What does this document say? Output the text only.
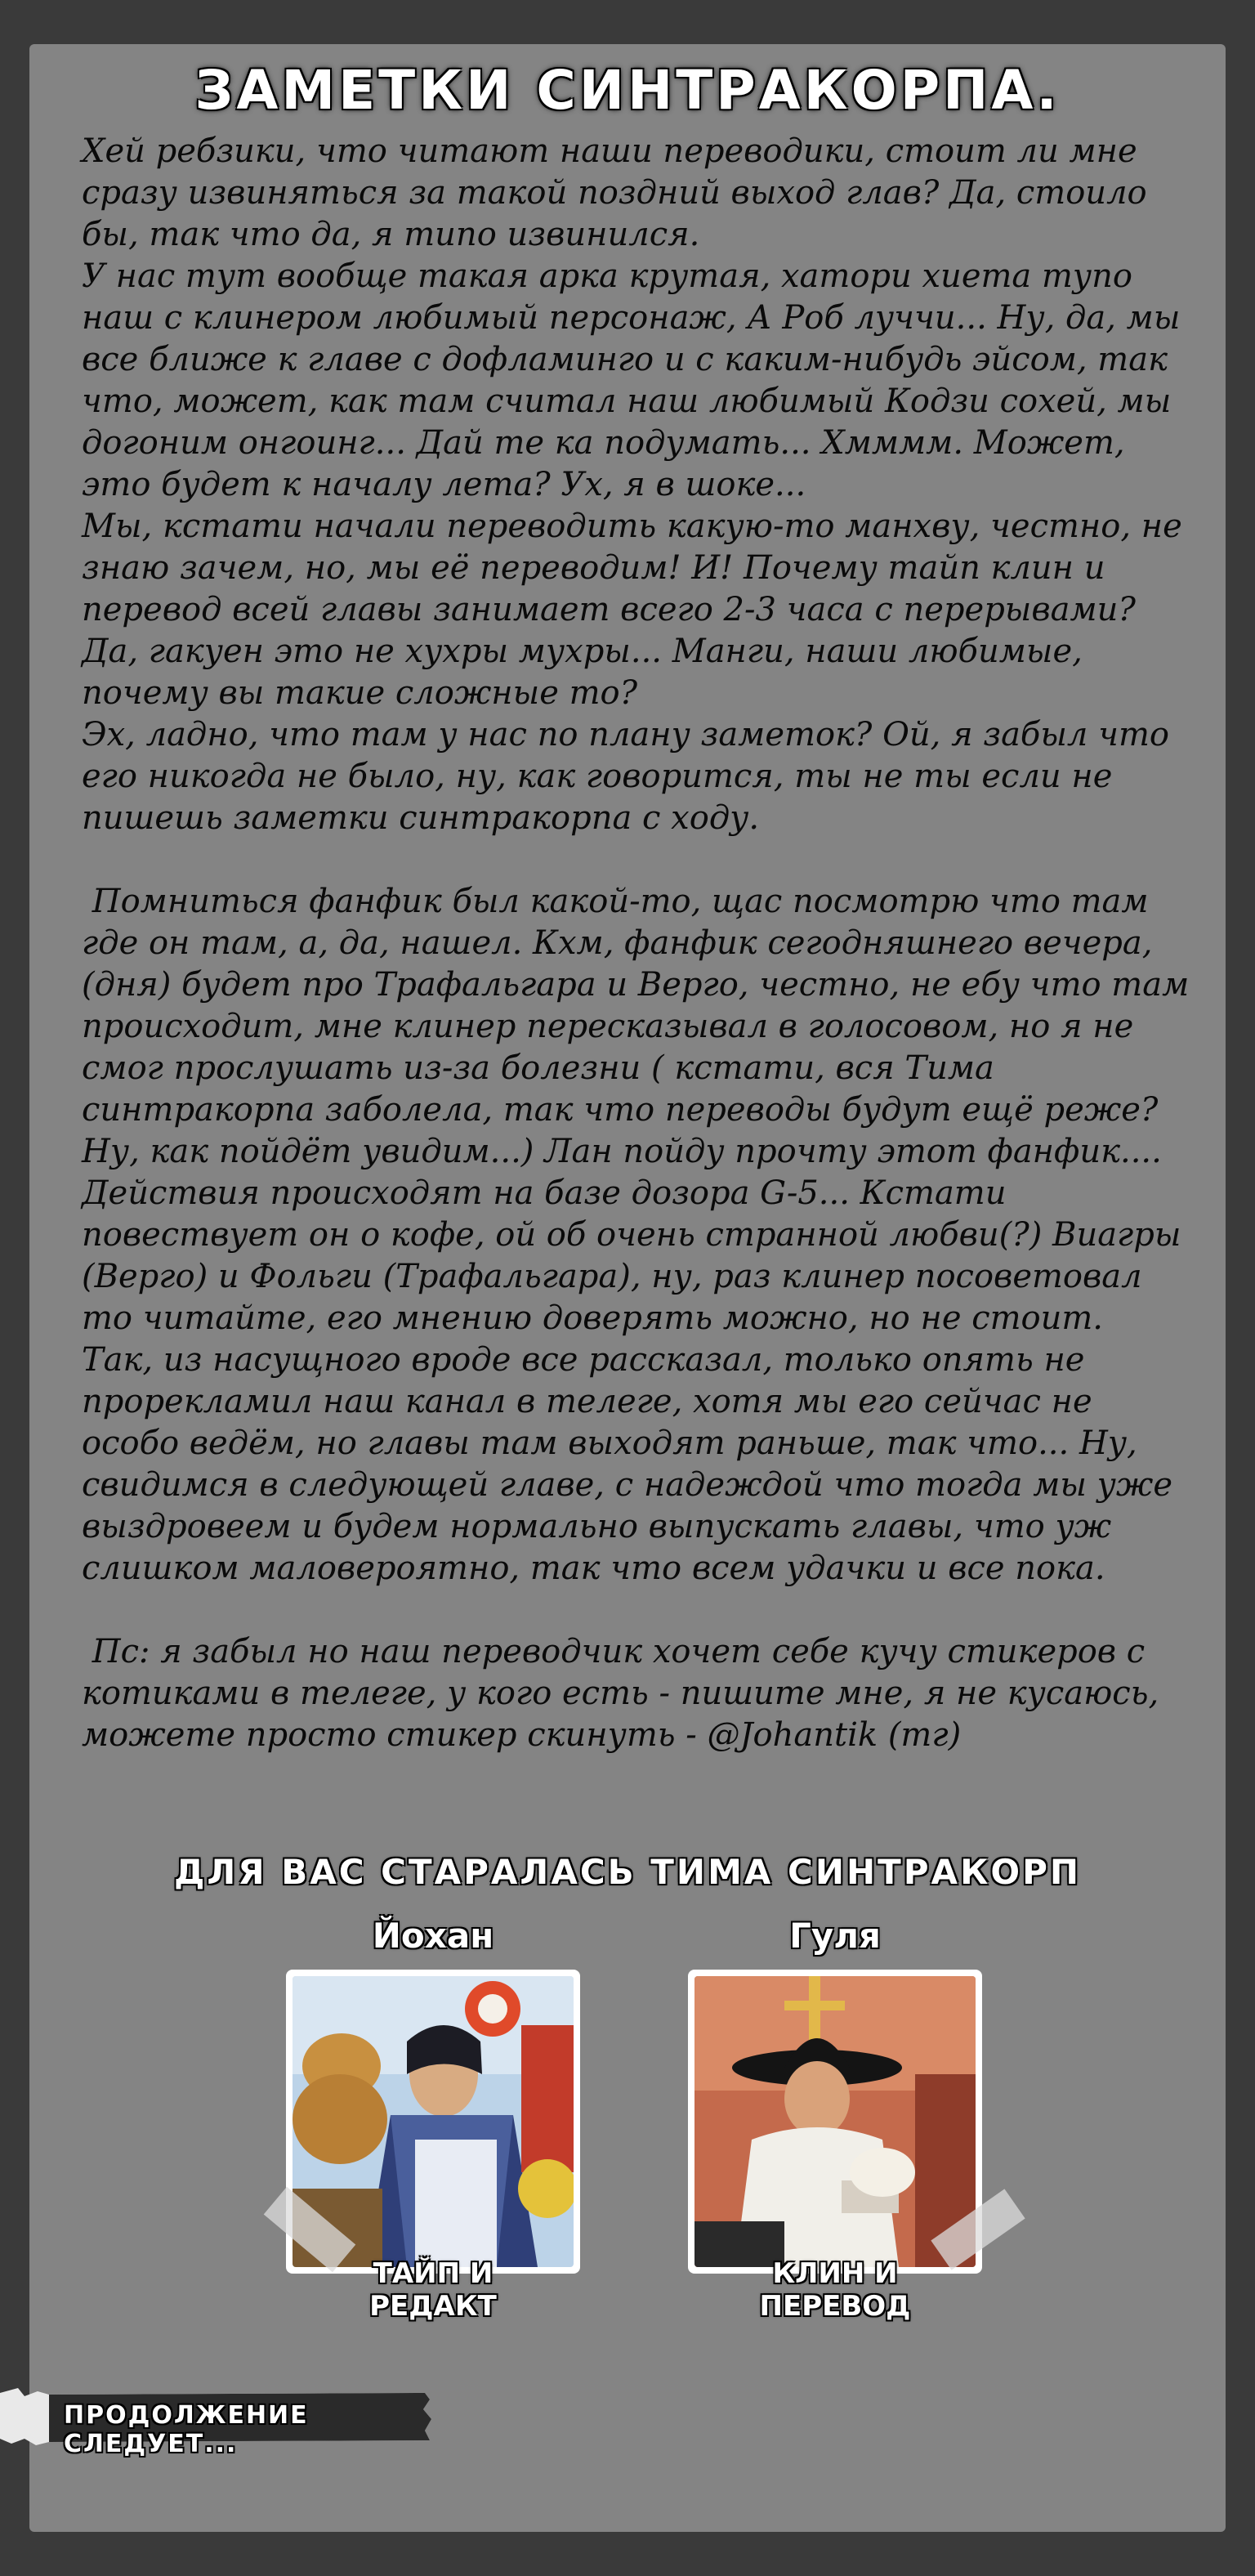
ЗАМЕТКИ СИНТРАКОРПА.

Хей ребзики, что читают наши переводики, стоит ли мне сразу извиняться за такой поздний выход глав? Да, стоило бы, так что да, я типо извинился.

У нас тут вообще такая арка крутая, хатори хиета тупо наш с клинером любимый персонаж, А Роб луччи... Ну, да, мы все ближе к главе с дофламинго и с каким-нибудь эйсом, так что, может, как там считал наш любимый Кодзи сохей, мы догоним онгоинг... Дай те ка подумать... Хмммм. Может, это будет к началу лета? Ух, я в шоке...

Мы, кстати начали переводить какую-то манхву, честно, не знаю зачем, но, мы её переводим! И! Почему тайп клин и перевод всей главы занимает всего 2-3 часа с перерывами? Да, гакуен это не хухры мухры... Манги, наши любимые, почему вы такие сложные то?

Эх, ладно, что там у нас по плану заметок? Ой, я забыл что его никогда не было, ну, как говорится, ты не ты если не пишешь заметки синтракорпа с ходу.

Помниться фанфик был какой-то, щас посмотрю что там где он там, а, да, нашел. Кхм, фанфик сегодняшнего вечера, (дня) будет про Трафальгара и Верго, честно, не ебу что там происходит, мне клинер пересказывал в голосовом, но я не смог прослушать из-за болезни ( кстати, вся Тима синтракорпа заболела, так что переводы будут ещё реже? Ну, как пойдёт увидим...) Лан пойду прочту этот фанфик....

Действия происходят на базе дозора G-5... Кстати повествует он о кофе, ой об очень странной любви(?) Виагры (Верго) и Фольги (Трафальгара), ну, раз клинер посоветовал то читайте, его мнению доверять можно, но не стоит.

Так, из насущного вроде все рассказал, только опять не прорекламил наш канал в телеге, хотя мы его сейчас не особо ведём, но главы там выходят раньше, так что... Ну, свидимся в следующей главе, с надеждой что тогда мы уже выздровеем и будем нормально выпускать главы, что уж слишком маловероятно, так что всем удачки и все пока.

Пс: я забыл но наш переводчик хочет себе кучу стикеров с котиками в телеге, у кого есть - пишите мне, я не кусаюсь, можете просто стикер скинуть - @Johantik (тг)

ДЛЯ ВАС СТАРАЛАСЬ ТИМА СИНТРАКОРП
Йохан
ТАЙП И
РЕДАКТ
Гуля
КЛИН И
ПЕРЕВОД
ПРОДОЛЖЕНИЕ СЛЕДУЕТ...
